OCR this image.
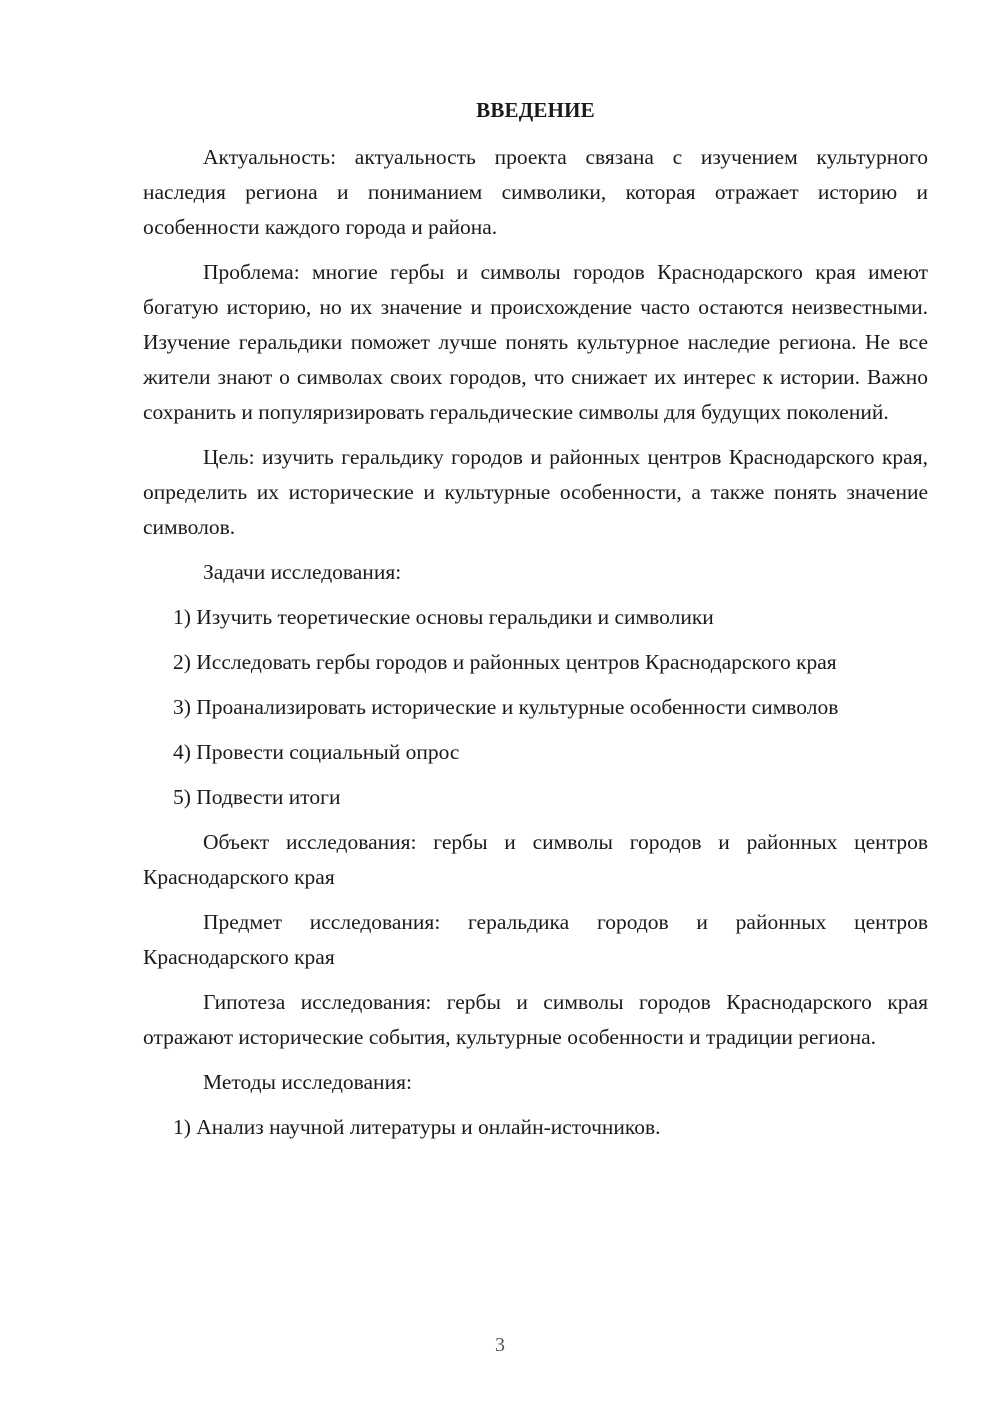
ВВЕДЕНИЕ

Актуальность: актуальность проекта связана с изучением культурного наследия региона и пониманием символики, которая отражает историю и особенности каждого города и района.

Проблема: многие гербы и символы городов Краснодарского края имеют богатую историю, но их значение и происхождение часто остаются неизвестными. Изучение геральдики поможет лучше понять культурное наследие региона. Не все жители знают о символах своих городов, что снижает их интерес к истории. Важно сохранить и популяризировать геральдические символы для будущих поколений.

Цель: изучить геральдику городов и районных центров Краснодарского края, определить их исторические и культурные особенности, а также понять значение символов.

Задачи исследования:

1) Изучить теоретические основы геральдики и символики

2) Исследовать гербы городов и районных центров Краснодарского края

3) Проанализировать исторические и культурные особенности символов

4) Провести социальный опрос

5) Подвести итоги

Объект исследования: гербы и символы городов и районных центров Краснодарского края

Предмет исследования: геральдика городов и районных центров Краснодарского края

Гипотеза исследования: гербы и символы городов Краснодарского края отражают исторические события, культурные особенности и традиции региона.

Методы исследования:

1) Анализ научной литературы и онлайн-источников.

3
